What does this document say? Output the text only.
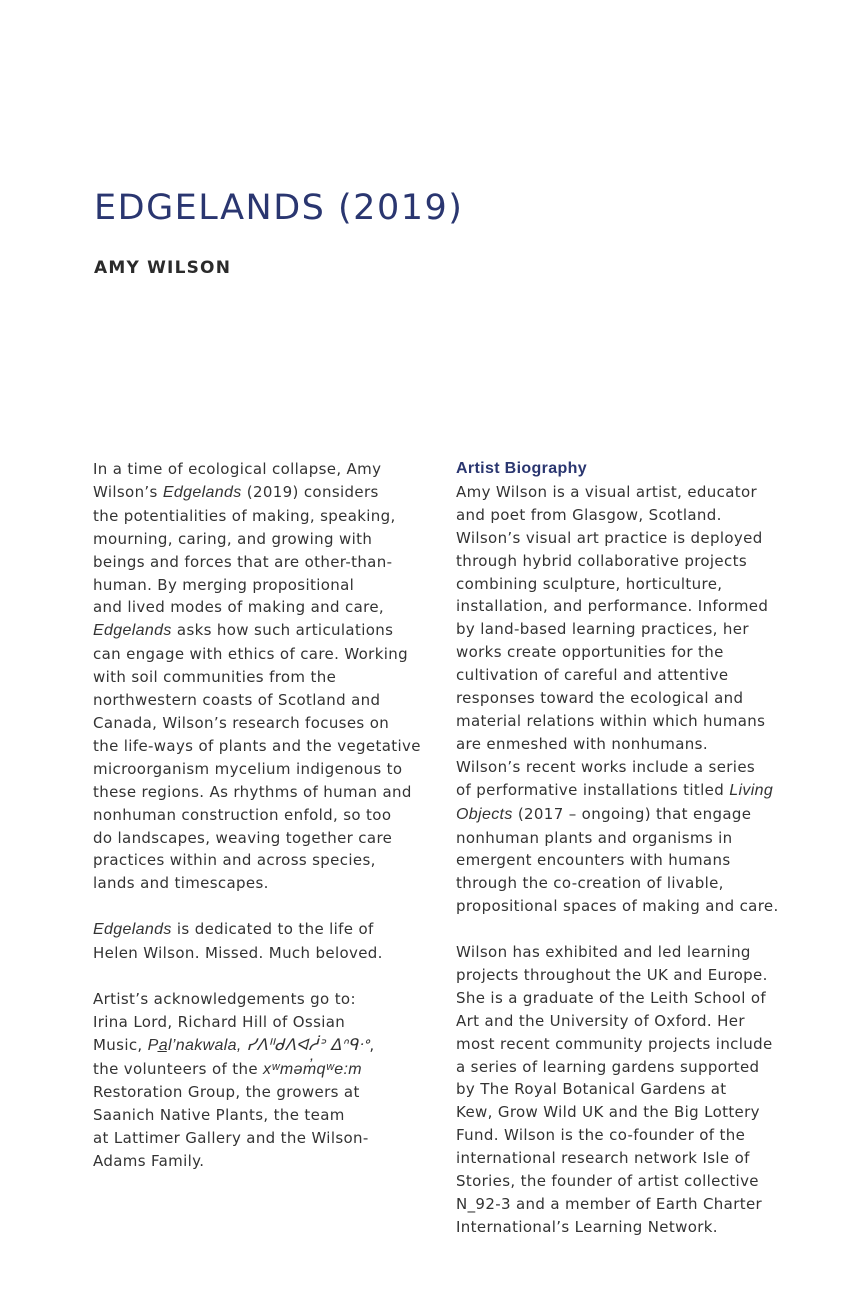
EDGELANDS (2019)
AMY WILSON

In a time of ecological collapse, Amy
Wilson’s Edgelands (2019) considers
the potentialities of making, speaking,
mourning, caring, and growing with
beings and forces that are other-than-
human. By merging propositional
and lived modes of making and care,
Edgelands asks how such articulations
can engage with ethics of care. Working
with soil communities from the
northwestern coasts of Scotland and
Canada, Wilson’s research focuses on
the life-ways of plants and the vegetative
microorganism mycelium indigenous to
these regions. As rhythms of human and
nonhuman construction enfold, so too
do landscapes, weaving together care
practices within and across species,
lands and timescapes.

Edgelands is dedicated to the life of
Helen Wilson. Missed. Much beloved.

Artist’s acknowledgements go to:
Irina Lord, Richard Hill of Ossian
Music, Pa̲l’nakwala, ᓯᐱᐦᑯᐱᐊᓲᐣ ᐃᐢᑫᐧᐤ,
the volunteers of the xʷməm̓qʷe:m
Restoration Group, the growers at
Saanich Native Plants, the team
at Lattimer Gallery and the Wilson-
Adams Family.

Artist Biography

Amy Wilson is a visual artist, educator
and poet from Glasgow, Scotland.
Wilson’s visual art practice is deployed
through hybrid collaborative projects
combining sculpture, horticulture,
installation, and performance. Informed
by land-based learning practices, her
works create opportunities for the
cultivation of careful and attentive
responses toward the ecological and
material relations within which humans
are enmeshed with nonhumans.
Wilson’s recent works include a series
of performative installations titled Living
Objects (2017 – ongoing) that engage
nonhuman plants and organisms in
emergent encounters with humans
through the co-creation of livable,
propositional spaces of making and care.

Wilson has exhibited and led learning
projects throughout the UK and Europe.
She is a graduate of the Leith School of
Art and the University of Oxford. Her
most recent community projects include
a series of learning gardens supported
by The Royal Botanical Gardens at
Kew, Grow Wild UK and the Big Lottery
Fund. Wilson is the co-founder of the
international research network Isle of
Stories, the founder of artist collective
N_92-3 and a member of Earth Charter
International’s Learning Network.
